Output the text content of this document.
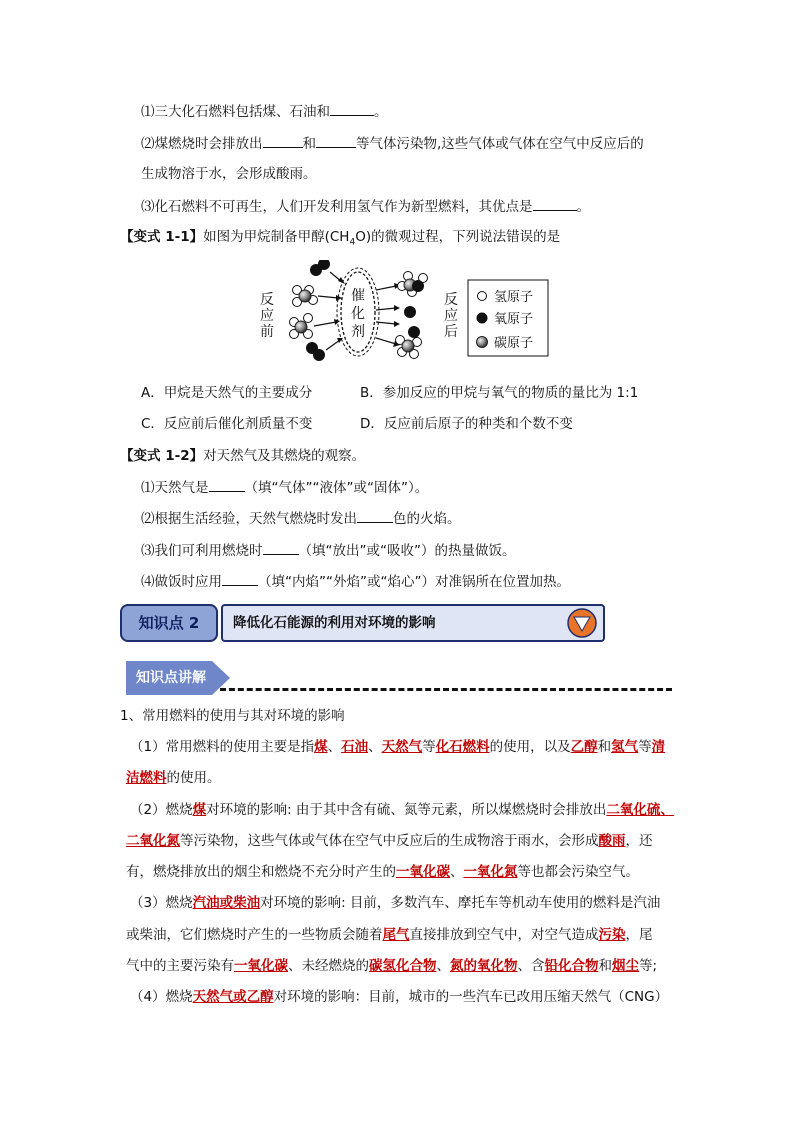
⑴三大化石燃料包括煤、石油和	。
⑵煤燃烧时会排放出	和	等气体污染物,这些气体或气体在空气中反应后的
生成物溶于水，会形成酸雨。
⑶化石燃料不可再生，人们开发利用氢气作为新型燃料，其优点是	。
【变式 1-1】如图为甲烷制备甲醇$(CH_4O)$的微观过程，下列说法错误的是
反
应
前
反
应
后
催
化
剂
氢原子
氧原子
碳原子
A．甲烷是天然气的主要成分	B．参加反应的甲烷与氧气的物质的量比为 1:1
C．反应前后催化剂质量不变	D．反应前后原子的种类和个数不变
【变式 1-2】对天然气及其燃烧的观察。
⑴天然气是	（填“气体”“液体”或“固体”）。
⑵根据生活经验，天然气燃烧时发出	色的火焰。
⑶我们可利用燃烧时	（填“放出”或“吸收”）的热量做饭。
⑷做饭时应用	（填“内焰”“外焰”或“焰心”）对准锅所在位置加热。
知识点 2	降低化石能源的利用对环境的影响
知识点讲解
1、常用燃料的使用与其对环境的影响
（1）常用燃料的使用主要是指煤、石油、天然气等化石燃料的使用，以及乙醇和氢气等清
洁燃料的使用。
（2）燃烧煤对环境的影响: 由于其中含有硫、氮等元素，所以煤燃烧时会排放出二氧化硫、
二氧化氮等污染物，这些气体或气体在空气中反应后的生成物溶于雨水，会形成酸雨，还
有，燃烧排放出的烟尘和燃烧不充分时产生的一氧化碳、一氧化氮等也都会污染空气。
（3）燃烧汽油或柴油对环境的影响: 目前，多数汽车、摩托车等机动车使用的燃料是汽油
或柴油，它们燃烧时产生的一些物质会随着尾气直接排放到空气中，对空气造成污染，尾
气中的主要污染有一氧化碳、未经燃烧的碳氢化合物、氮的氧化物、含铅化合物和烟尘等;
（4）燃烧天然气或乙醇对环境的影响：目前，城市的一些汽车已改用压缩天然气（CNG）
